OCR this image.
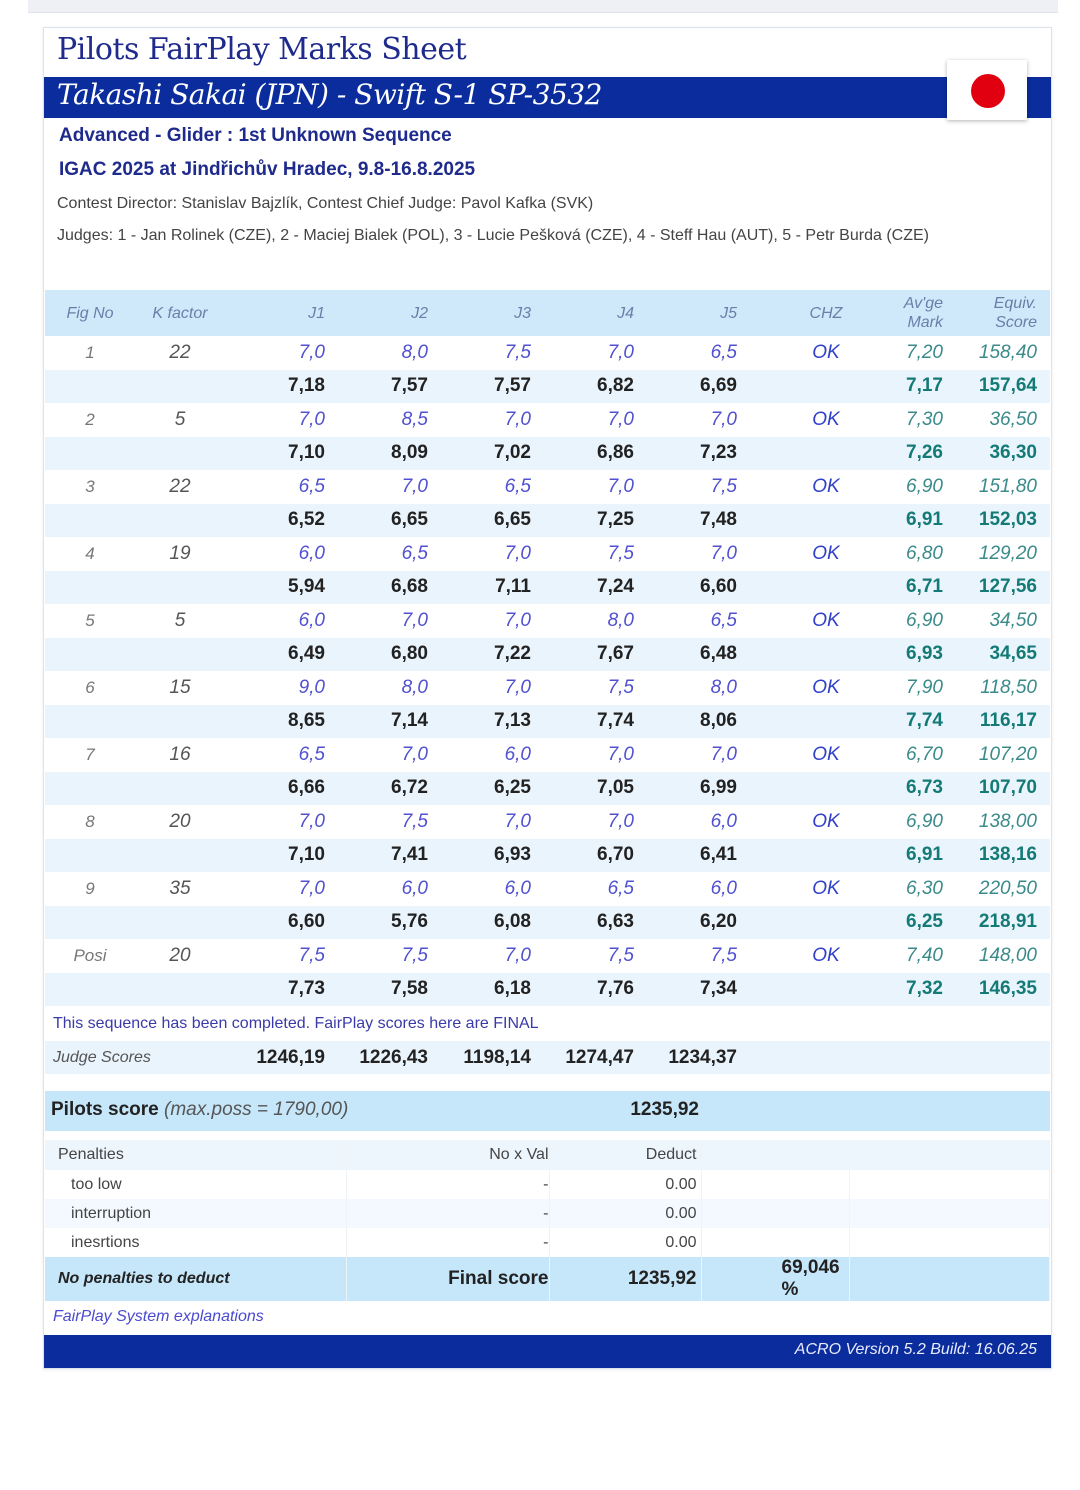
Pilots FairPlay Marks Sheet
Takashi Sakai (JPN) - Swift S-1 SP-3532
Advanced - Glider : 1st Unknown Sequence
IGAC 2025 at Jindřichův Hradec, 9.8-16.8.2025
Contest Director: Stanislav Bajzlík, Contest Chief Judge: Pavol Kafka (SVK)
Judges: 1 - Jan Rolinek (CZE), 2 - Maciej Bialek (POL), 3 - Lucie Pešková (CZE), 4 - Steff Hau (AUT), 5 - Petr Burda (CZE)
Fig No	K factor	J1	J2	J3	J4	J5	CHZ	Av'ge Mark	Equiv. Score
1	22	7,0	8,0	7,5	7,0	6,5	OK	7,20	158,40
		7,18	7,57	7,57	6,82	6,69		7,17	157,64
2	5	7,0	8,5	7,0	7,0	7,0	OK	7,30	36,50
		7,10	8,09	7,02	6,86	7,23		7,26	36,30
3	22	6,5	7,0	6,5	7,0	7,5	OK	6,90	151,80
		6,52	6,65	6,65	7,25	7,48		6,91	152,03
4	19	6,0	6,5	7,0	7,5	7,0	OK	6,80	129,20
		5,94	6,68	7,11	7,24	6,60		6,71	127,56
5	5	6,0	7,0	7,0	8,0	6,5	OK	6,90	34,50
		6,49	6,80	7,22	7,67	6,48		6,93	34,65
6	15	9,0	8,0	7,0	7,5	8,0	OK	7,90	118,50
		8,65	7,14	7,13	7,74	8,06		7,74	116,17
7	16	6,5	7,0	6,0	7,0	7,0	OK	6,70	107,20
		6,66	6,72	6,25	7,05	6,99		6,73	107,70
8	20	7,0	7,5	7,0	7,0	6,0	OK	6,90	138,00
		7,10	7,41	6,93	6,70	6,41		6,91	138,16
9	35	7,0	6,0	6,0	6,5	6,0	OK	6,30	220,50
		6,60	5,76	6,08	6,63	6,20		6,25	218,91
Posi	20	7,5	7,5	7,0	7,5	7,5	OK	7,40	148,00
		7,73	7,58	6,18	7,76	7,34		7,32	146,35
This sequence has been completed. FairPlay scores here are FINAL
Judge Scores	1246,19	1226,43	1198,14	1274,47	1234,37	
Pilots score (max.poss = 1790,00)	1235,92
Penalties	No x Val	Deduct		
too low	-	0.00		
interruption	-	0.00		
inesrtions	-	0.00		
No penalties to deduct	Final score	1235,92	69,046 %	
FairPlay System explanations
ACRO Version 5.2 Build: 16.06.25
